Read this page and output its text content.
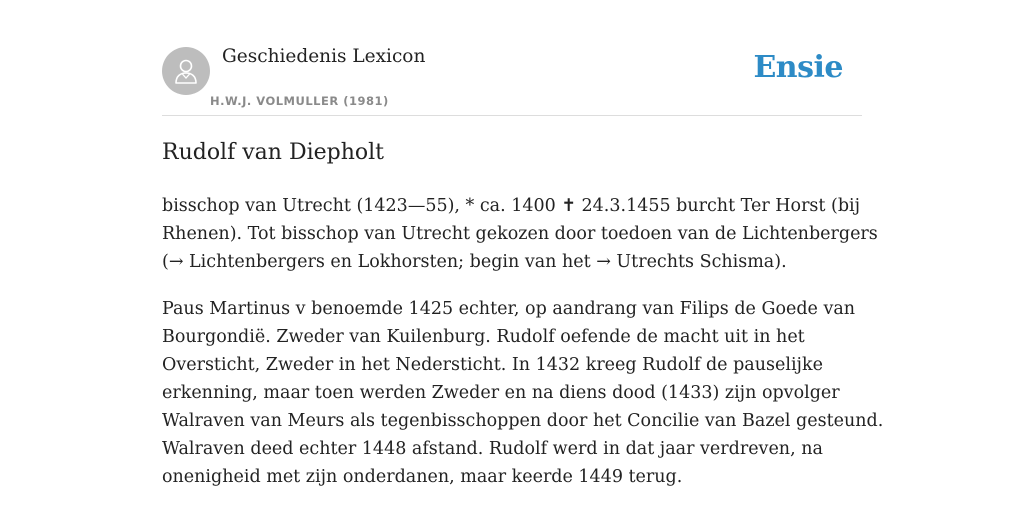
Geschiedenis Lexicon
H.W.J. VOLMULLER (1981)
Ensie
Rudolf van Diepholt

bisschop van Utrecht (1423—55), * ca. 1400 ✝ 24.3.1455 burcht Ter Horst (bij
Rhenen). Tot bisschop van Utrecht gekozen door toedoen van de Lichtenbergers
(→ Lichtenbergers en Lokhorsten; begin van het → Utrechts Schisma).

Paus Martinus v benoemde 1425 echter, op aandrang van Filips de Goede van
Bourgondië. Zweder van Kuilenburg. Rudolf oefende de macht uit in het
Oversticht, Zweder in het Nedersticht. In 1432 kreeg Rudolf de pauselijke
erkenning, maar toen werden Zweder en na diens dood (1433) zijn opvolger
Walraven van Meurs als tegenbisschoppen door het Concilie van Bazel gesteund.
Walraven deed echter 1448 afstand. Rudolf werd in dat jaar verdreven, na
onenigheid met zijn onderdanen, maar keerde 1449 terug.
